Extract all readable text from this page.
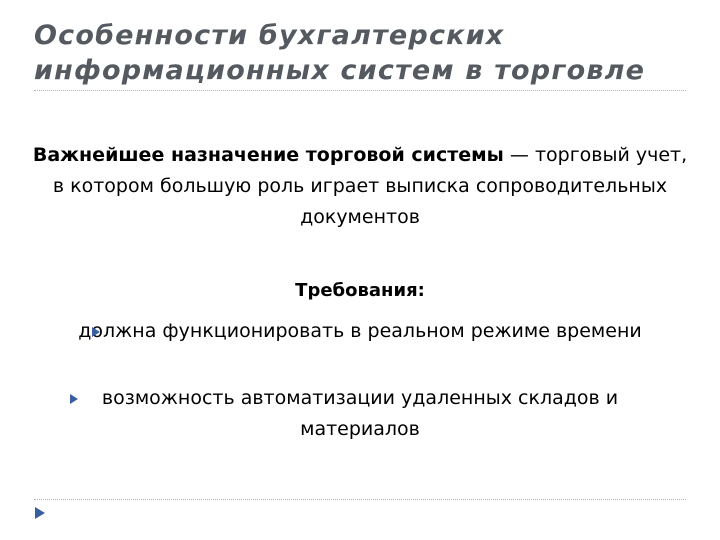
Особенности бухгалтерских информационных систем в торговле

Важнейшее назначение торговой системы — торговый учет, в котором большую роль играет выписка сопроводительных документов

Требования:

должна функционировать в реальном режиме времени
возможность автоматизации удаленных складов и материалов
